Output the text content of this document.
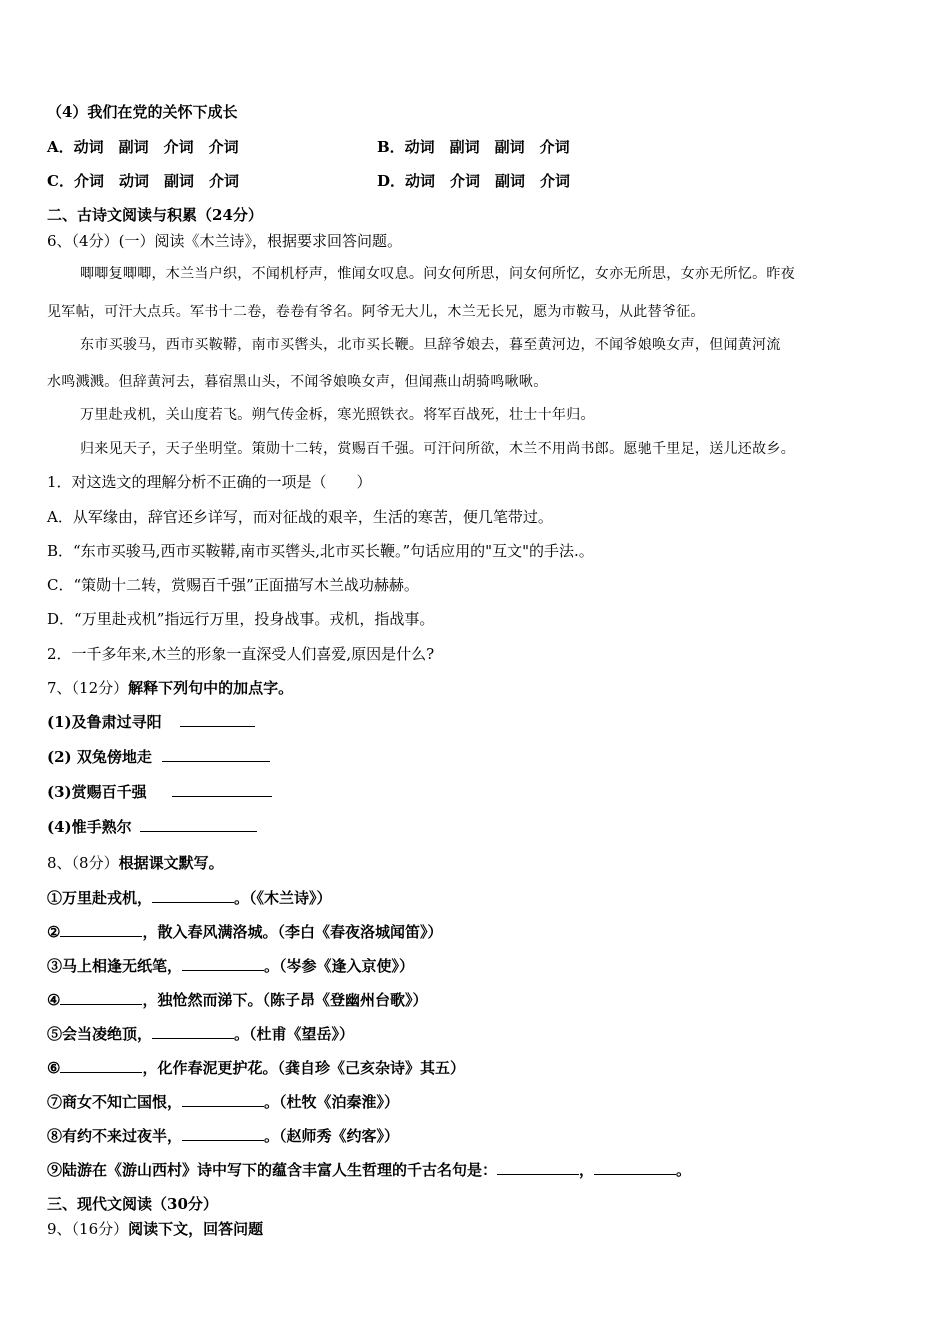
（4）我们在党的关怀下成长
A．动词　副词　介词　介词	B．动词　副词　副词　介词
C．介词　动词　副词　介词	D．动词　介词　副词　介词
二、古诗文阅读与积累（24分）
6、（4分）(一）阅读《木兰诗》，根据要求回答问题。
唧唧复唧唧，木兰当户织，不闻机杼声，惟闻女叹息。问女何所思，问女何所忆，女亦无所思，女亦无所忆。昨夜
见军帖，可汗大点兵。军书十二卷，卷卷有爷名。阿爷无大儿，木兰无长兄，愿为市鞍马，从此替爷征。
东市买骏马，西市买鞍鞯，南市买辔头，北市买长鞭。旦辞爷娘去，暮至黄河边，不闻爷娘唤女声，但闻黄河流
水鸣溅溅。但辞黄河去，暮宿黑山头，不闻爷娘唤女声，但闻燕山胡骑鸣啾啾。
万里赴戎机，关山度若飞。朔气传金柝，寒光照铁衣。将军百战死，壮士十年归。
归来见天子，天子坐明堂。策勋十二转，赏赐百千强。可汗问所欲，木兰不用尚书郎。愿驰千里足，送儿还故乡。
1．对这选文的理解分析不正确的一项是（　　）
A．从军缘由，辞官还乡详写，而对征战的艰辛，生活的寒苦，便几笔带过。
B．“东市买骏马,西市买鞍鞯,南市买辔头,北市买长鞭。”句话应用的"互文"的手法.。
C．“策勋十二转，赏赐百千强”正面描写木兰战功赫赫。
D．“万里赴戎机”指远行万里，投身战事。戎机，指战事。
2．一千多年来,木兰的形象一直深受人们喜爱,原因是什么?
7、（12分）解释下列句中的加点字。
(1)及鲁肃过寻阳
(2) 双兔傍地走
(3)赏赐百千强
(4)惟手熟尔
8、（8分）根据课文默写。
①万里赴戎机，	。（《木兰诗》）
②	，散入春风满洛城。（李白《春夜洛城闻笛》）
③马上相逢无纸笔，	。（岑参《逢入京使》）
④	，独怆然而涕下。（陈子昂《登幽州台歌》）
⑤会当凌绝顶，	。（杜甫《望岳》）
⑥	，化作春泥更护花。（龚自珍《己亥杂诗》其五）
⑦商女不知亡国恨，	。（杜牧《泊秦淮》）
⑧有约不来过夜半，	。（赵师秀《约客》）
⑨陆游在《游山西村》诗中写下的蕴含丰富人生哲理的千古名句是：	，	。
三、现代文阅读（30分）
9、（16分）阅读下文，回答问题
